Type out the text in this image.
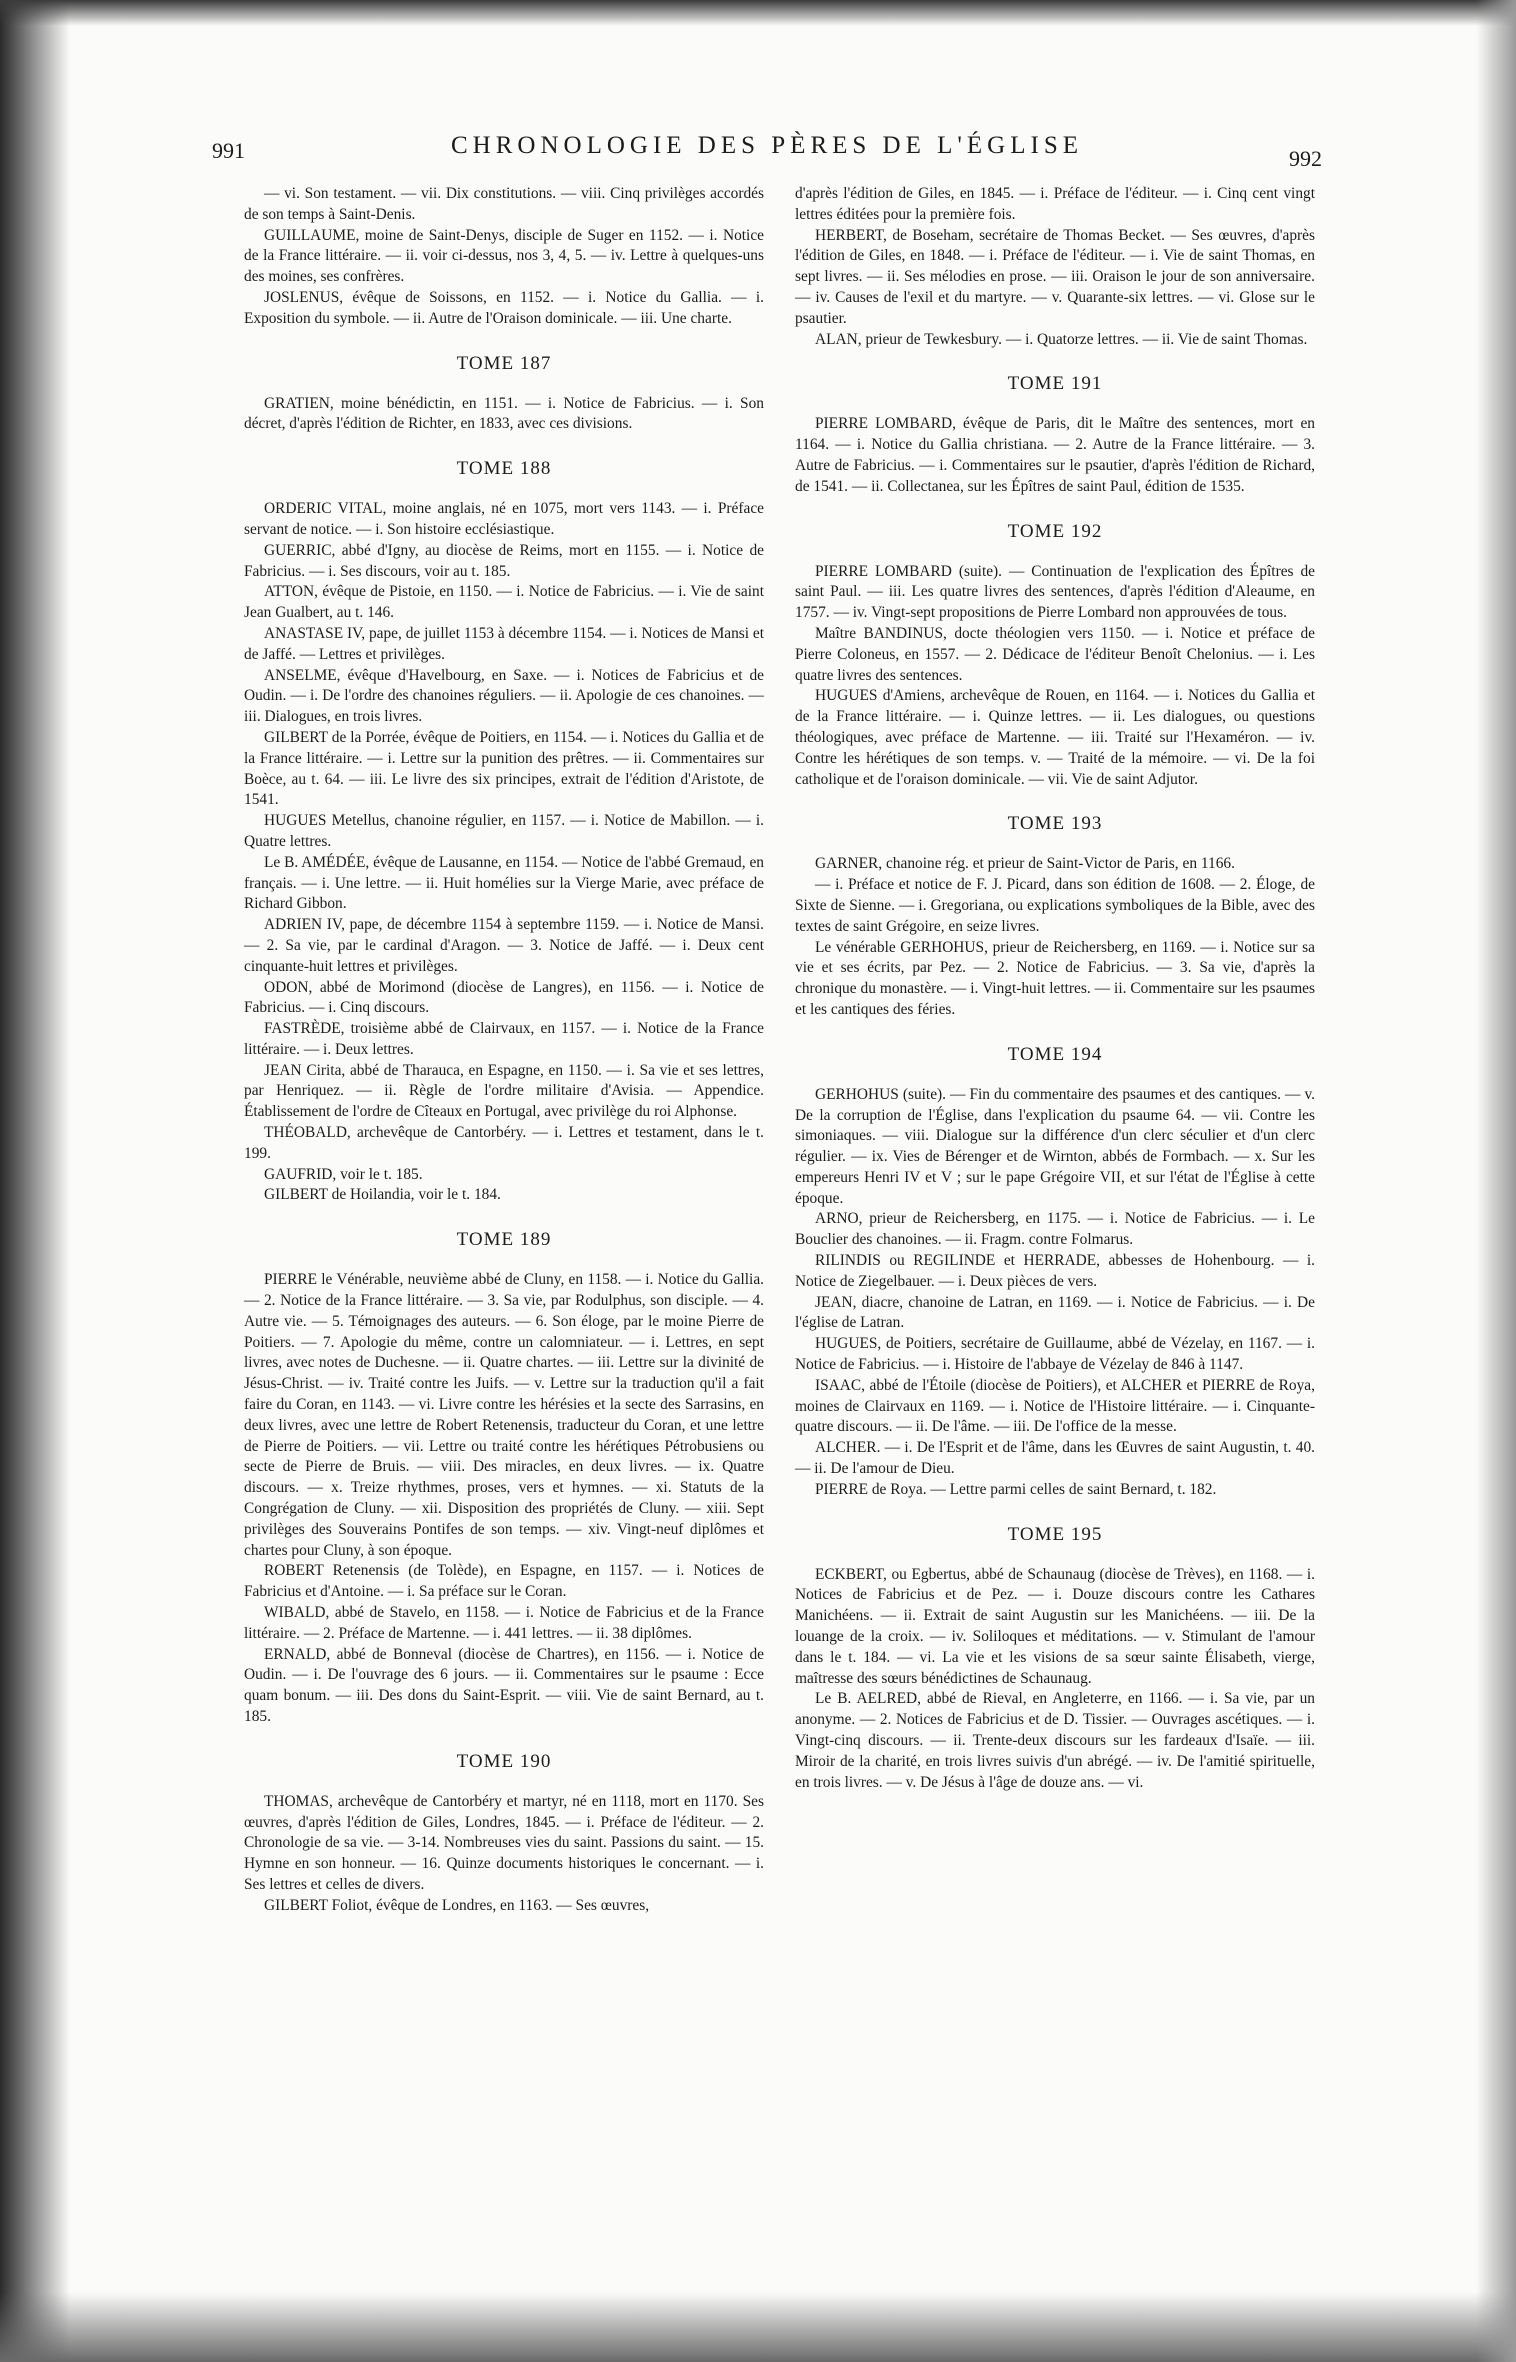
991	CHRONOLOGIE DES PÈRES DE L'ÉGLISE	992

— vi. Son testament. — vii. Dix constitutions. — viii. Cinq privilèges accordés de son temps à Saint-Denis.

GUILLAUME, moine de Saint-Denys, disciple de Suger en 1152. — i. Notice de la France littéraire. — ii. voir ci-dessus, nos 3, 4, 5. — iv. Lettre à quelques-uns des moines, ses confrères.

JOSLENUS, évêque de Soissons, en 1152. — i. Notice du Gallia. — i. Exposition du symbole. — ii. Autre de l'Oraison dominicale. — iii. Une charte.

TOME 187

GRATIEN, moine bénédictin, en 1151. — i. Notice de Fabricius. — i. Son décret, d'après l'édition de Richter, en 1833, avec ces divisions.

TOME 188

ORDERIC VITAL, moine anglais, né en 1075, mort vers 1143. — i. Préface servant de notice. — i. Son histoire ecclésiastique.

GUERRIC, abbé d'Igny, au diocèse de Reims, mort en 1155. — i. Notice de Fabricius. — i. Ses discours, voir au t. 185.

ATTON, évêque de Pistoie, en 1150. — i. Notice de Fabricius. — i. Vie de saint Jean Gualbert, au t. 146.

ANASTASE IV, pape, de juillet 1153 à décembre 1154. — i. Notices de Mansi et de Jaffé. — Lettres et privilèges.

ANSELME, évêque d'Havelbourg, en Saxe. — i. Notices de Fabricius et de Oudin. — i. De l'ordre des chanoines réguliers. — ii. Apologie de ces chanoines. — iii. Dialogues, en trois livres.

GILBERT de la Porrée, évêque de Poitiers, en 1154. — i. Notices du Gallia et de la France littéraire. — i. Lettre sur la punition des prêtres. — ii. Commentaires sur Boèce, au t. 64. — iii. Le livre des six principes, extrait de l'édition d'Aristote, de 1541.

HUGUES Metellus, chanoine régulier, en 1157. — i. Notice de Mabillon. — i. Quatre lettres.

Le B. AMÉDÉE, évêque de Lausanne, en 1154. — Notice de l'abbé Gremaud, en français. — i. Une lettre. — ii. Huit homélies sur la Vierge Marie, avec préface de Richard Gibbon.

ADRIEN IV, pape, de décembre 1154 à septembre 1159. — i. Notice de Mansi. — 2. Sa vie, par le cardinal d'Aragon. — 3. Notice de Jaffé. — i. Deux cent cinquante-huit lettres et privilèges.

ODON, abbé de Morimond (diocèse de Langres), en 1156. — i. Notice de Fabricius. — i. Cinq discours.

FASTRÈDE, troisième abbé de Clairvaux, en 1157. — i. Notice de la France littéraire. — i. Deux lettres.

JEAN Cirita, abbé de Tharauca, en Espagne, en 1150. — i. Sa vie et ses lettres, par Henriquez. — ii. Règle de l'ordre militaire d'Avisia. — Appendice. Établissement de l'ordre de Cîteaux en Portugal, avec privilège du roi Alphonse.

THÉOBALD, archevêque de Cantorbéry. — i. Lettres et testament, dans le t. 199.

GAUFRID, voir le t. 185.

GILBERT de Hoilandia, voir le t. 184.

TOME 189

PIERRE le Vénérable, neuvième abbé de Cluny, en 1158. — i. Notice du Gallia. — 2. Notice de la France littéraire. — 3. Sa vie, par Rodulphus, son disciple. — 4. Autre vie. — 5. Témoignages des auteurs. — 6. Son éloge, par le moine Pierre de Poitiers. — 7. Apologie du même, contre un calomniateur. — i. Lettres, en sept livres, avec notes de Duchesne. — ii. Quatre chartes. — iii. Lettre sur la divinité de Jésus-Christ. — iv. Traité contre les Juifs. — v. Lettre sur la traduction qu'il a fait faire du Coran, en 1143. — vi. Livre contre les hérésies et la secte des Sarrasins, en deux livres, avec une lettre de Robert Retenensis, traducteur du Coran, et une lettre de Pierre de Poitiers. — vii. Lettre ou traité contre les hérétiques Pétrobusiens ou secte de Pierre de Bruis. — viii. Des miracles, en deux livres. — ix. Quatre discours. — x. Treize rhythmes, proses, vers et hymnes. — xi. Statuts de la Congrégation de Cluny. — xii. Disposition des propriétés de Cluny. — xiii. Sept privilèges des Souverains Pontifes de son temps. — xiv. Vingt-neuf diplômes et chartes pour Cluny, à son époque.

ROBERT Retenensis (de Tolède), en Espagne, en 1157. — i. Notices de Fabricius et d'Antoine. — i. Sa préface sur le Coran.

WIBALD, abbé de Stavelo, en 1158. — i. Notice de Fabricius et de la France littéraire. — 2. Préface de Martenne. — i. 441 lettres. — ii. 38 diplômes.

ERNALD, abbé de Bonneval (diocèse de Chartres), en 1156. — i. Notice de Oudin. — i. De l'ouvrage des 6 jours. — ii. Commentaires sur le psaume : Ecce quam bonum. — iii. Des dons du Saint-Esprit. — viii. Vie de saint Bernard, au t. 185.

TOME 190

THOMAS, archevêque de Cantorbéry et martyr, né en 1118, mort en 1170. Ses œuvres, d'après l'édition de Giles, Londres, 1845. — i. Préface de l'éditeur. — 2. Chronologie de sa vie. — 3-14. Nombreuses vies du saint. Passions du saint. — 15. Hymne en son honneur. — 16. Quinze documents historiques le concernant. — i. Ses lettres et celles de divers.

GILBERT Foliot, évêque de Londres, en 1163. — Ses œuvres,

d'après l'édition de Giles, en 1845. — i. Préface de l'éditeur. — i. Cinq cent vingt lettres éditées pour la première fois.

HERBERT, de Boseham, secrétaire de Thomas Becket. — Ses œuvres, d'après l'édition de Giles, en 1848. — i. Préface de l'éditeur. — i. Vie de saint Thomas, en sept livres. — ii. Ses mélodies en prose. — iii. Oraison le jour de son anniversaire. — iv. Causes de l'exil et du martyre. — v. Quarante-six lettres. — vi. Glose sur le psautier.

ALAN, prieur de Tewkesbury. — i. Quatorze lettres. — ii. Vie de saint Thomas.

TOME 191

PIERRE LOMBARD, évêque de Paris, dit le Maître des sentences, mort en 1164. — i. Notice du Gallia christiana. — 2. Autre de la France littéraire. — 3. Autre de Fabricius. — i. Commentaires sur le psautier, d'après l'édition de Richard, de 1541. — ii. Collectanea, sur les Épîtres de saint Paul, édition de 1535.

TOME 192

PIERRE LOMBARD (suite). — Continuation de l'explication des Épîtres de saint Paul. — iii. Les quatre livres des sentences, d'après l'édition d'Aleaume, en 1757. — iv. Vingt-sept propositions de Pierre Lombard non approuvées de tous.

Maître BANDINUS, docte théologien vers 1150. — i. Notice et préface de Pierre Coloneus, en 1557. — 2. Dédicace de l'éditeur Benoît Chelonius. — i. Les quatre livres des sentences.

HUGUES d'Amiens, archevêque de Rouen, en 1164. — i. Notices du Gallia et de la France littéraire. — i. Quinze lettres. — ii. Les dialogues, ou questions théologiques, avec préface de Martenne. — iii. Traité sur l'Hexaméron. — iv. Contre les hérétiques de son temps. v. — Traité de la mémoire. — vi. De la foi catholique et de l'oraison dominicale. — vii. Vie de saint Adjutor.

TOME 193

GARNER, chanoine rég. et prieur de Saint-Victor de Paris, en 1166.

— i. Préface et notice de F. J. Picard, dans son édition de 1608. — 2. Éloge, de Sixte de Sienne. — i. Gregoriana, ou explications symboliques de la Bible, avec des textes de saint Grégoire, en seize livres.

Le vénérable GERHOHUS, prieur de Reichersberg, en 1169. — i. Notice sur sa vie et ses écrits, par Pez. — 2. Notice de Fabricius. — 3. Sa vie, d'après la chronique du monastère. — i. Vingt-huit lettres. — ii. Commentaire sur les psaumes et les cantiques des féries.

TOME 194

GERHOHUS (suite). — Fin du commentaire des psaumes et des cantiques. — v. De la corruption de l'Église, dans l'explication du psaume 64. — vii. Contre les simoniaques. — viii. Dialogue sur la différence d'un clerc séculier et d'un clerc régulier. — ix. Vies de Bérenger et de Wirnton, abbés de Formbach. — x. Sur les empereurs Henri IV et V ; sur le pape Grégoire VII, et sur l'état de l'Église à cette époque.

ARNO, prieur de Reichersberg, en 1175. — i. Notice de Fabricius. — i. Le Bouclier des chanoines. — ii. Fragm. contre Folmarus.

RILINDIS ou REGILINDE et HERRADE, abbesses de Hohenbourg. — i. Notice de Ziegelbauer. — i. Deux pièces de vers.

JEAN, diacre, chanoine de Latran, en 1169. — i. Notice de Fabricius. — i. De l'église de Latran.

HUGUES, de Poitiers, secrétaire de Guillaume, abbé de Vézelay, en 1167. — i. Notice de Fabricius. — i. Histoire de l'abbaye de Vézelay de 846 à 1147.

ISAAC, abbé de l'Étoile (diocèse de Poitiers), et ALCHER et PIERRE de Roya, moines de Clairvaux en 1169. — i. Notice de l'Histoire littéraire. — i. Cinquante-quatre discours. — ii. De l'âme. — iii. De l'office de la messe.

ALCHER. — i. De l'Esprit et de l'âme, dans les Œuvres de saint Augustin, t. 40. — ii. De l'amour de Dieu.

PIERRE de Roya. — Lettre parmi celles de saint Bernard, t. 182.

TOME 195

ECKBERT, ou Egbertus, abbé de Schaunaug (diocèse de Trèves), en 1168. — i. Notices de Fabricius et de Pez. — i. Douze discours contre les Cathares Manichéens. — ii. Extrait de saint Augustin sur les Manichéens. — iii. De la louange de la croix. — iv. Soliloques et méditations. — v. Stimulant de l'amour dans le t. 184. — vi. La vie et les visions de sa sœur sainte Élisabeth, vierge, maîtresse des sœurs bénédictines de Schaunaug.

Le B. AELRED, abbé de Rieval, en Angleterre, en 1166. — i. Sa vie, par un anonyme. — 2. Notices de Fabricius et de D. Tissier. — Ouvrages ascétiques. — i. Vingt-cinq discours. — ii. Trente-deux discours sur les fardeaux d'Isaïe. — iii. Miroir de la charité, en trois livres suivis d'un abrégé. — iv. De l'amitié spirituelle, en trois livres. — v. De Jésus à l'âge de douze ans. — vi.
